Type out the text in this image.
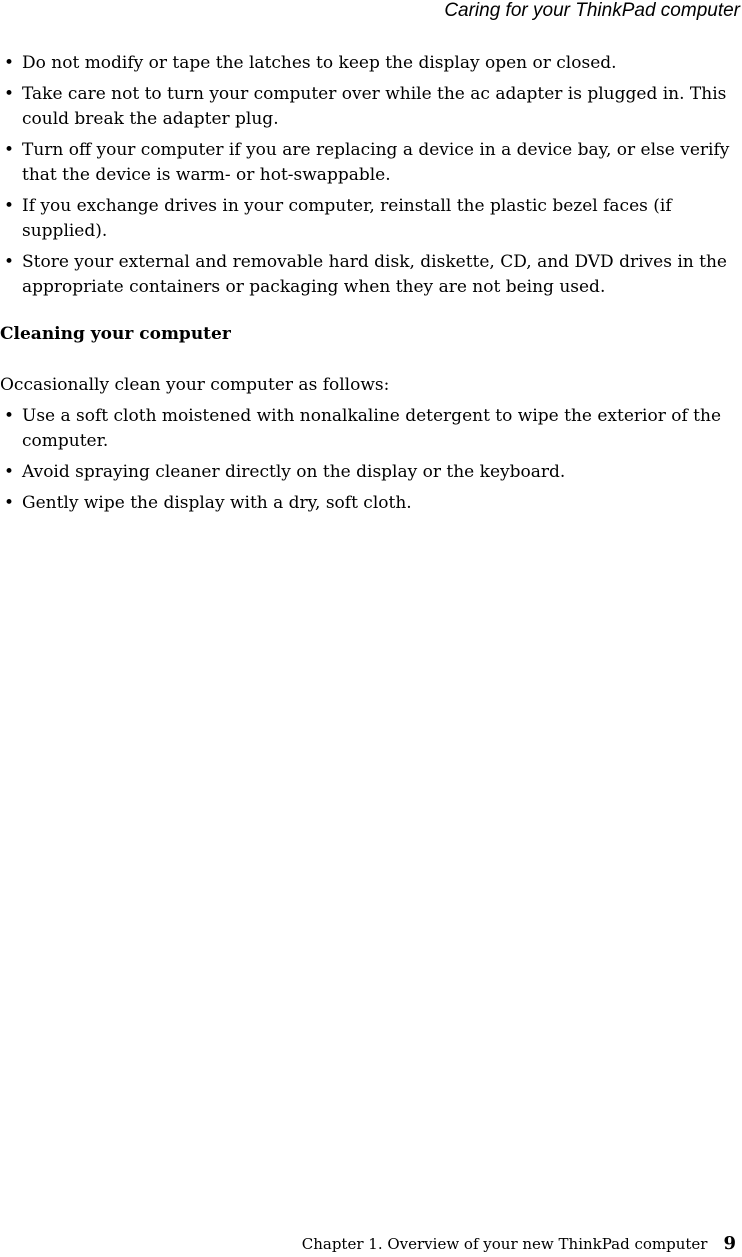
Caring for your ThinkPad computer
• Do not modify or tape the latches to keep the display open or closed.
• Take care not to turn your computer over while the ac adapter is plugged in. This could break the adapter plug.
• Turn off your computer if you are replacing a device in a device bay, or else verify that the device is warm- or hot-swappable.
• If you exchange drives in your computer, reinstall the plastic bezel faces (if supplied).
• Store your external and removable hard disk, diskette, CD, and DVD drives in the appropriate containers or packaging when they are not being used.
Cleaning your computer
Occasionally clean your computer as follows:
• Use a soft cloth moistened with nonalkaline detergent to wipe the exterior of the computer.
• Avoid spraying cleaner directly on the display or the keyboard.
• Gently wipe the display with a dry, soft cloth.
Chapter 1. Overview of your new ThinkPad computer 9
